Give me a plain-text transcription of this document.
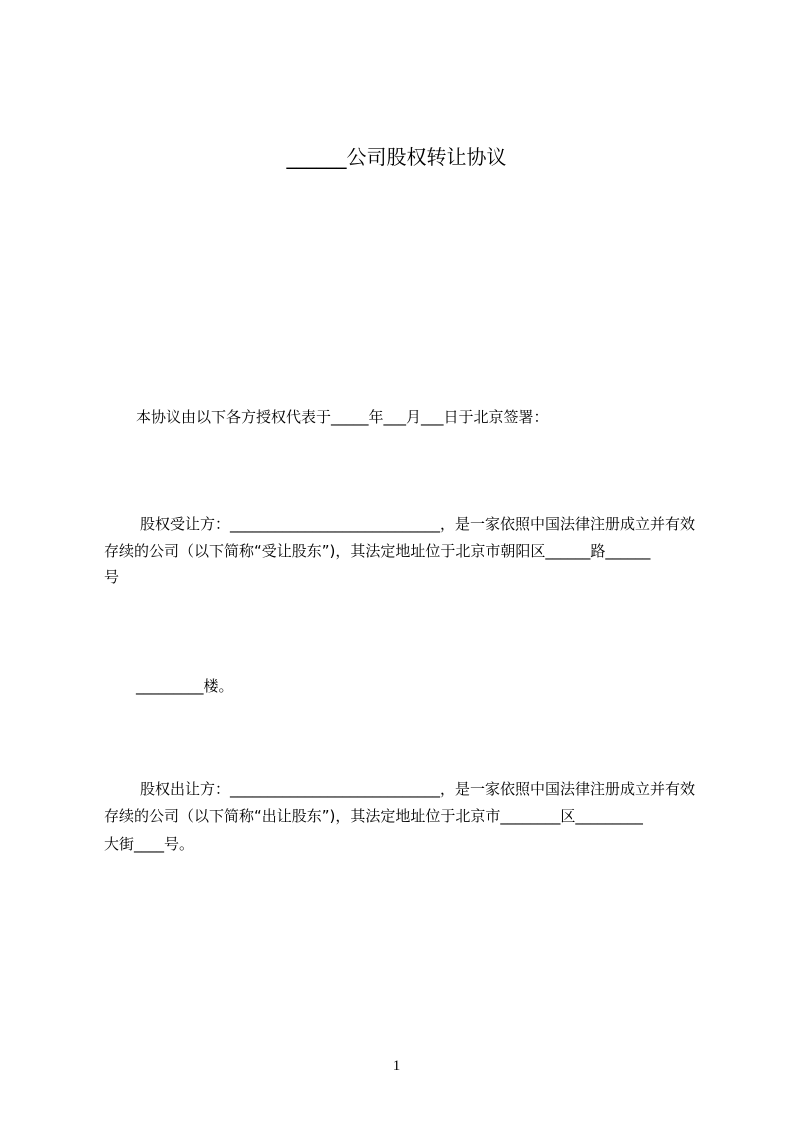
______公司股权转让协议
本协议由以下各方授权代表于_____年___月___日于北京签署：
股权受让方：____________________________，是一家依照中国法律注册成立并有效
存续的公司（以下简称“受让股东”)，其法定地址位于北京市朝阳区______路______
号
_________楼。
股权出让方：____________________________，是一家依照中国法律注册成立并有效
存续的公司（以下简称“出让股东”)，其法定地址位于北京市________区_________
大街____号。
1
